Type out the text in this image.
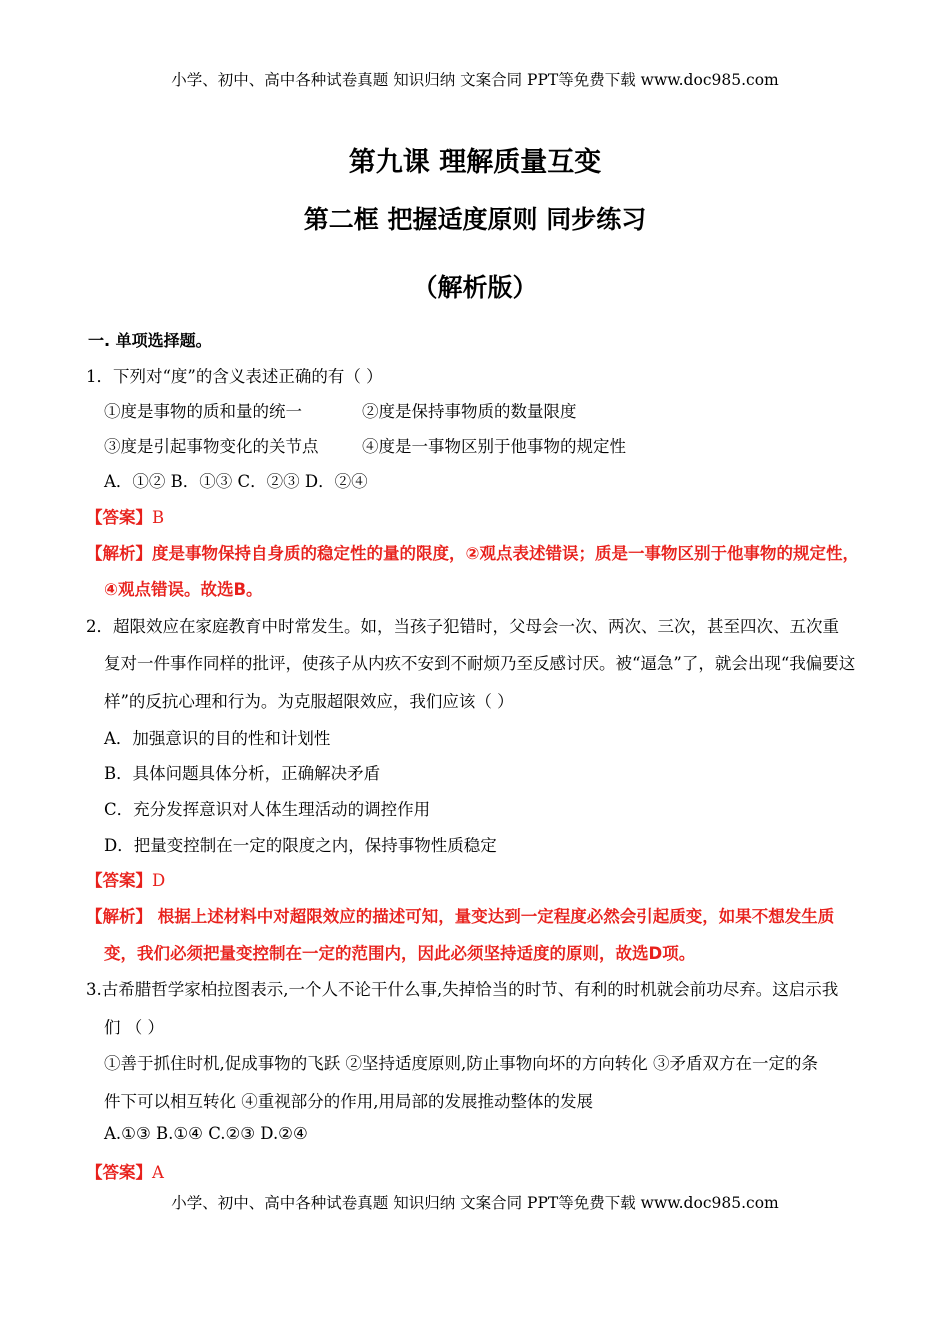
小学、初中、高中各种试卷真题 知识归纳 文案合同 PPT等免费下载 www.doc985.com
第九课 理解质量互变
第二框 把握适度原则 同步练习
（解析版）
一. 单项选择题。
1．下列对“度”的含义表述正确的有（ ）
①度是事物的质和量的统一	②度是保持事物质的数量限度
③度是引起事物变化的关节点	④度是一事物区别于他事物的规定性
A．①② B．①③ C．②③ D．②④
【答案】B
【解析】度是事物保持自身质的稳定性的量的限度，②观点表述错误；质是一事物区别于他事物的规定性，
④观点错误。故选B。
2．超限效应在家庭教育中时常发生。如，当孩子犯错时，父母会一次、两次、三次，甚至四次、五次重
复对一件事作同样的批评，使孩子从内疚不安到不耐烦乃至反感讨厌。被“逼急”了，就会出现“我偏要这
样”的反抗心理和行为。为克服超限效应，我们应该（ ）
A．加强意识的目的性和计划性
B．具体问题具体分析，正确解决矛盾
C．充分发挥意识对人体生理活动的调控作用
D．把量变控制在一定的限度之内，保持事物性质稳定
【答案】D
【解析】 根据上述材料中对超限效应的描述可知，量变达到一定程度必然会引起质变，如果不想发生质
变，我们必须把量变控制在一定的范围内，因此必须坚持适度的原则，故选D项。
3.古希腊哲学家柏拉图表示,一个人不论干什么事,失掉恰当的时节、有利的时机就会前功尽弃。这启示我
们 （ ）
①善于抓住时机,促成事物的飞跃 ②坚持适度原则,防止事物向坏的方向转化 ③矛盾双方在一定的条
件下可以相互转化 ④重视部分的作用,用局部的发展推动整体的发展
A.①③ B.①④ C.②③ D.②④
【答案】A
小学、初中、高中各种试卷真题 知识归纳 文案合同 PPT等免费下载 www.doc985.com
